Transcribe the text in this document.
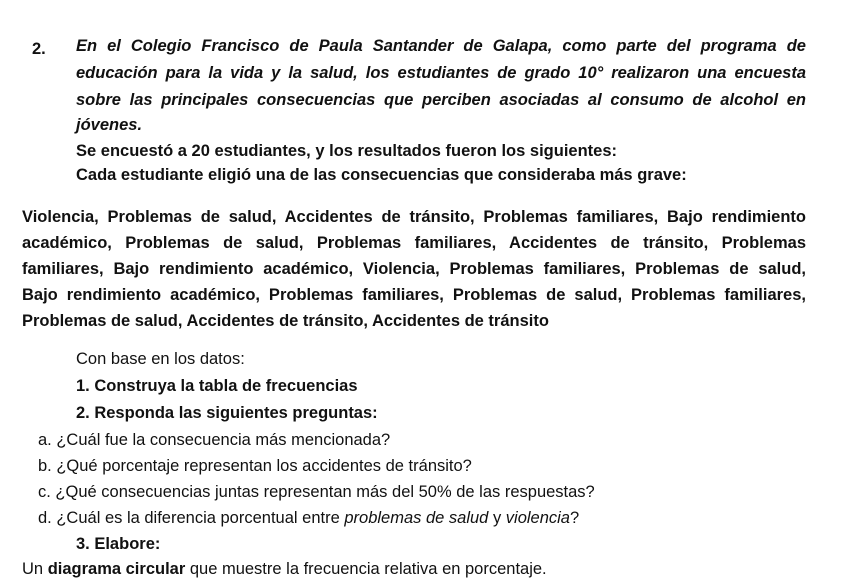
2. En el Colegio Francisco de Paula Santander de Galapa, como parte del programa de
educación para la vida y la salud, los estudiantes de grado 10° realizaron una encuesta
sobre las principales consecuencias que perciben asociadas al consumo de alcohol en
jóvenes.
Se encuestó a 20 estudiantes, y los resultados fueron los siguientes:
Cada estudiante eligió una de las consecuencias que consideraba más grave:
Violencia, Problemas de salud, Accidentes de tránsito, Problemas familiares, Bajo rendimiento
académico, Problemas de salud, Problemas familiares, Accidentes de tránsito, Problemas
familiares, Bajo rendimiento académico, Violencia, Problemas familiares, Problemas de salud,
Bajo rendimiento académico, Problemas familiares, Problemas de salud, Problemas familiares,
Problemas de salud, Accidentes de tránsito, Accidentes de tránsito
Con base en los datos:
1. Construya la tabla de frecuencias
2. Responda las siguientes preguntas:
a. ¿Cuál fue la consecuencia más mencionada?
b. ¿Qué porcentaje representan los accidentes de tránsito?
c. ¿Qué consecuencias juntas representan más del 50% de las respuestas?
d. ¿Cuál es la diferencia porcentual entre problemas de salud y violencia?
3. Elabore:
Un diagrama circular que muestre la frecuencia relativa en porcentaje.
